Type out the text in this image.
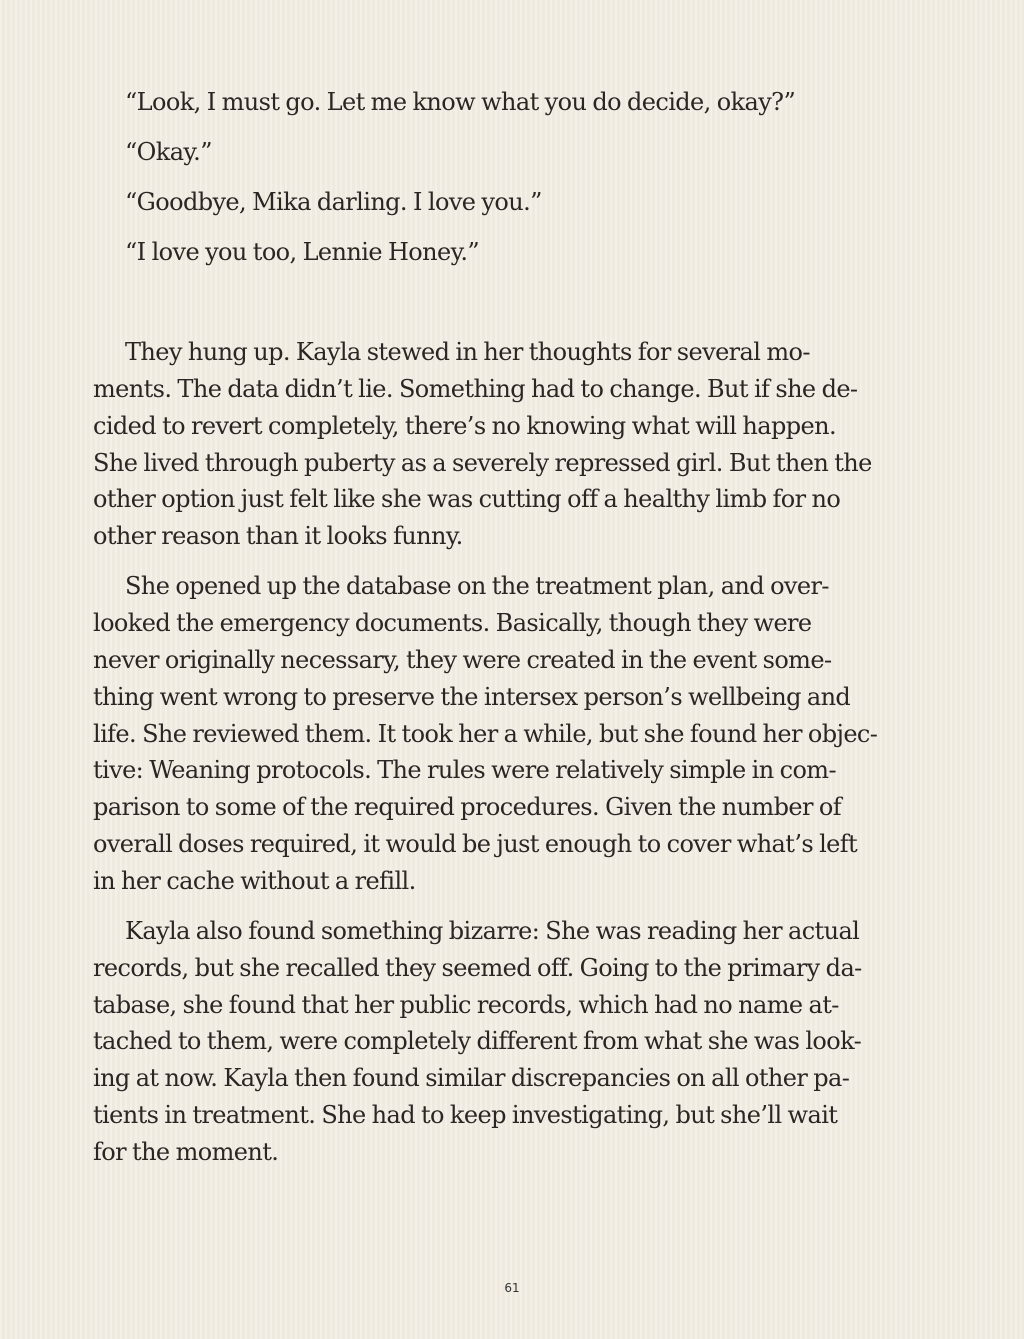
“Look, I must go. Let me know what you do decide, okay?”
“Okay.”
“Goodbye, Mika darling. I love you.”
“I love you too, Lennie Honey.”
They hung up. Kayla stewed in her thoughts for several mo-
ments. The data didn’t lie. Something had to change. But if she de-
cided to revert completely, there’s no knowing what will happen.
She lived through puberty as a severely repressed girl. But then the
other option just felt like she was cutting off a healthy limb for no
other reason than it looks funny.
She opened up the database on the treatment plan, and over-
looked the emergency documents. Basically, though they were
never originally necessary, they were created in the event some-
thing went wrong to preserve the intersex person’s wellbeing and
life. She reviewed them. It took her a while, but she found her objec-
tive: Weaning protocols. The rules were relatively simple in com-
parison to some of the required procedures. Given the number of
overall doses required, it would be just enough to cover what’s left
in her cache without a refill.
Kayla also found something bizarre: She was reading her actual
records, but she recalled they seemed off. Going to the primary da-
tabase, she found that her public records, which had no name at-
tached to them, were completely different from what she was look-
ing at now. Kayla then found similar discrepancies on all other pa-
tients in treatment. She had to keep investigating, but she’ll wait
for the moment.
61
